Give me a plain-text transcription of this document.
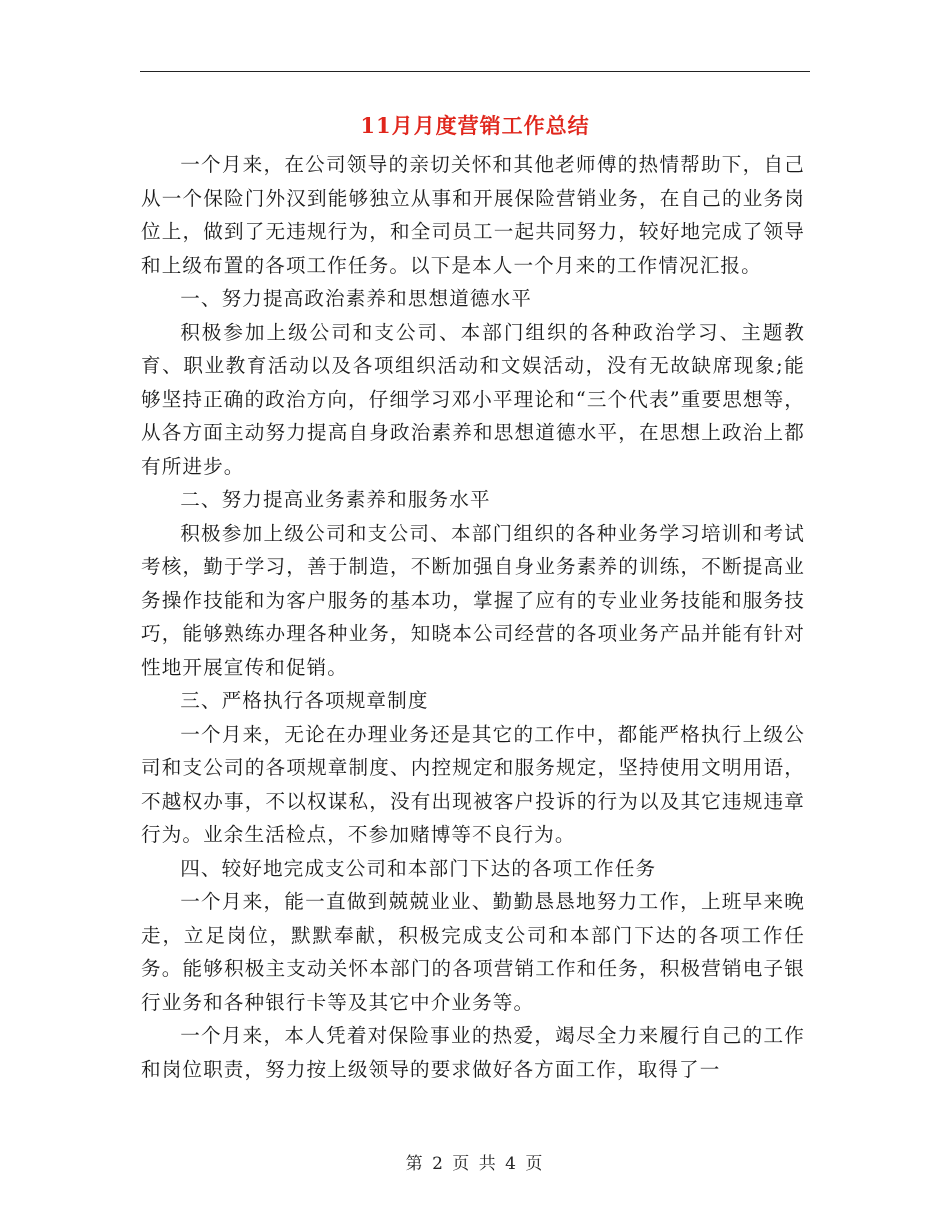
11月月度营销工作总结

一个月来，在公司领导的亲切关怀和其他老师傅的热情帮助下，自己从一个保险门外汉到能够独立从事和开展保险营销业务，在自己的业务岗位上，做到了无违规行为，和全司员工一起共同努力，较好地完成了领导和上级布置的各项工作任务。以下是本人一个月来的工作情况汇报。

一、努力提高政治素养和思想道德水平

积极参加上级公司和支公司、本部门组织的各种政治学习、主题教育、职业教育活动以及各项组织活动和文娱活动，没有无故缺席现象;能够坚持正确的政治方向，仔细学习邓小平理论和“三个代表”重要思想等，从各方面主动努力提高自身政治素养和思想道德水平，在思想上政治上都有所进步。

二、努力提高业务素养和服务水平

积极参加上级公司和支公司、本部门组织的各种业务学习培训和考试考核，勤于学习，善于制造，不断加强自身业务素养的训练，不断提高业务操作技能和为客户服务的基本功，掌握了应有的专业业务技能和服务技巧，能够熟练办理各种业务，知晓本公司经营的各项业务产品并能有针对性地开展宣传和促销。

三、严格执行各项规章制度

一个月来，无论在办理业务还是其它的工作中，都能严格执行上级公司和支公司的各项规章制度、内控规定和服务规定，坚持使用文明用语，不越权办事，不以权谋私，没有出现被客户投诉的行为以及其它违规违章行为。业余生活检点，不参加赌博等不良行为。

四、较好地完成支公司和本部门下达的各项工作任务

一个月来，能一直做到兢兢业业、勤勤恳恳地努力工作，上班早来晚走，立足岗位，默默奉献，积极完成支公司和本部门下达的各项工作任务。能够积极主支动关怀本部门的各项营销工作和任务，积极营销电子银行业务和各种银行卡等及其它中介业务等。

一个月来，本人凭着对保险事业的热爱，竭尽全力来履行自己的工作和岗位职责，努力按上级领导的要求做好各方面工作，取得了一

第 2 页 共 4 页
